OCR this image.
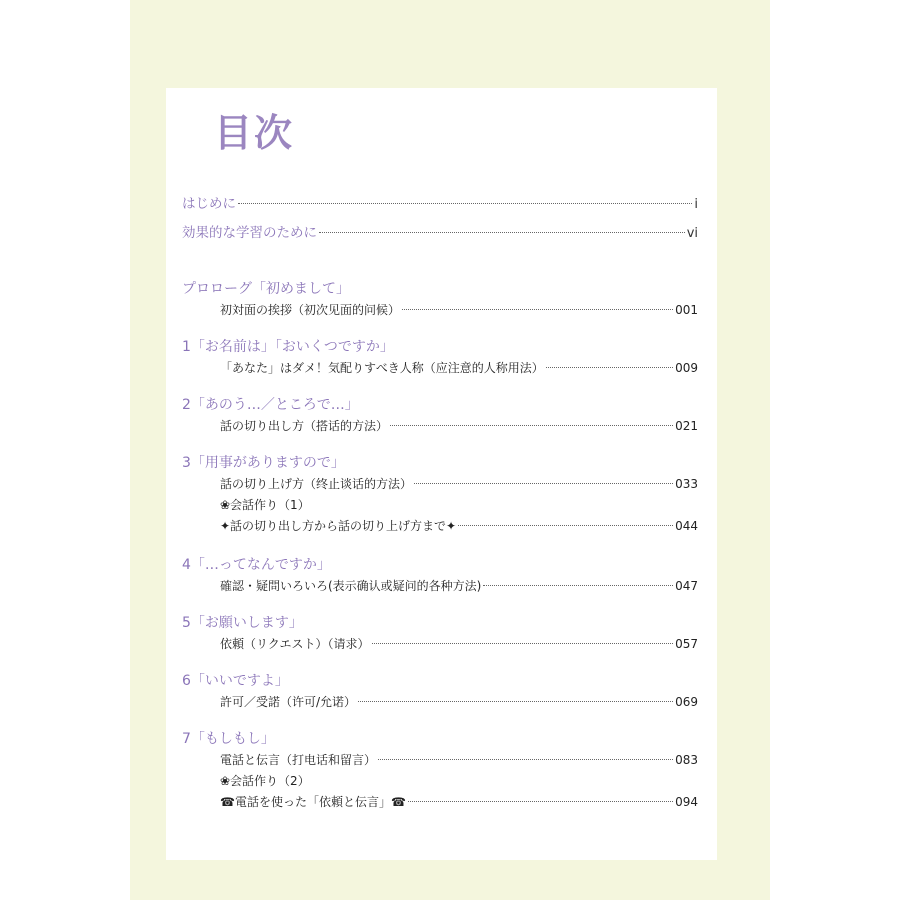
目次
はじめに	i
効果的な学習のために	vi
プロローグ「初めまして」
初対面の挨拶（初次见面的问候）	001
1「お名前は」「おいくつですか」
「あなた」はダメ！気配りすべき人称（应注意的人称用法）	009
2「あのう…／ところで…」
話の切り出し方（搭话的方法）	021
3「用事がありますので」
話の切り上げ方（终止谈话的方法）	033
❀会話作り（1）
✦話の切り出し方から話の切り上げ方まで✦	044
4「…ってなんですか」
確認・疑問いろいろ(表示确认或疑问的各种方法)	047
5「お願いします」
依頼（リクエスト）（请求）	057
6「いいですよ」
許可／受諾（许可/允诺）	069
7「もしもし」
電話と伝言（打电话和留言）	083
❀会話作り（2）
☎電話を使った「依頼と伝言」☎	094
